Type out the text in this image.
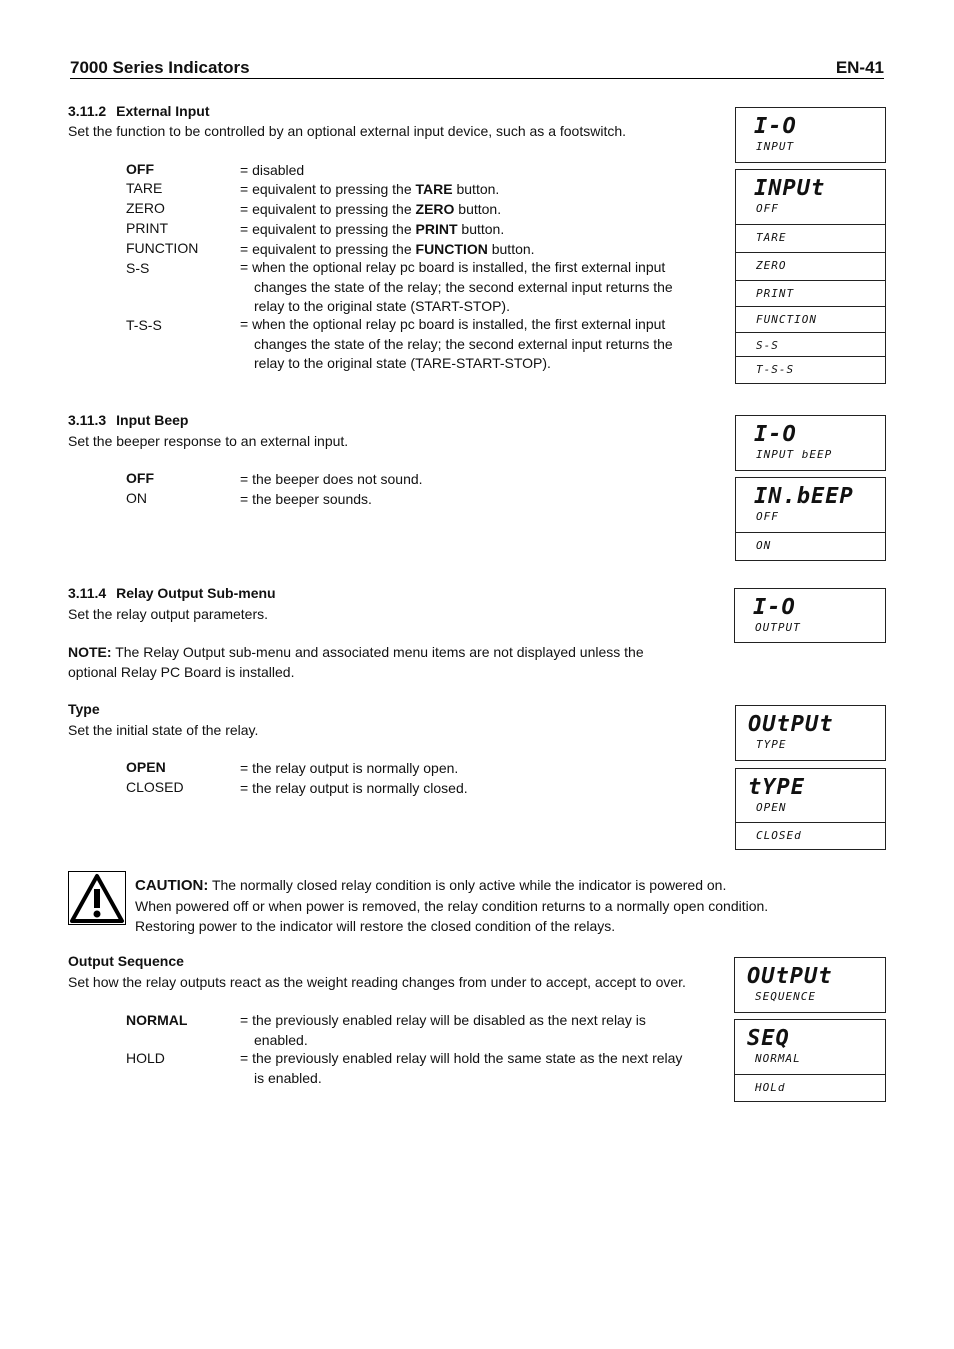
7000 Series Indicators	EN-41
3.11.2 External Input
Set the function to be controlled by an optional external input device, such as a footswitch.
OFF	= disabled
TARE	= equivalent to pressing the TARE button.
ZERO	= equivalent to pressing the ZERO button.
PRINT	= equivalent to pressing the PRINT button.
FUNCTION	= equivalent to pressing the FUNCTION button.
S-S	= when the optional relay pc board is installed, the first external input
changes the state of the relay; the second external input returns the relay to the original state (START-STOP).
T-S-S	= when the optional relay pc board is installed, the first external input
changes the state of the relay; the second external input returns the relay to the original state (TARE-START-STOP).
3.11.3 Input Beep
Set the beeper response to an external input.
OFF	= the beeper does not sound.
ON	= the beeper sounds.
3.11.4 Relay Output Sub-menu
Set the relay output parameters.
NOTE: The Relay Output sub-menu and associated menu items are not displayed unless the optional Relay PC Board is installed.
Type
Set the initial state of the relay.
OPEN	= the relay output is normally open.
CLOSED	= the relay output is normally closed.
CAUTION: The normally closed relay condition is only active while the indicator is powered on.
When powered off or when power is removed, the relay condition returns to a normally open condition.
Restoring power to the indicator will restore the closed condition of the relays.
Output Sequence
Set how the relay outputs react as the weight reading changes from under to accept, accept to over.
NORMAL	= the previously enabled relay will be disabled as the next relay is
enabled.
HOLD	= the previously enabled relay will hold the same state as the next relay
is enabled.
I-O
INPUT
INPUt
OFF
TARE
ZERO
PRINT
FUNCTION
S-S
T-S-S
I-O
INPUT bEEP
IN.bEEP
OFF
ON
I-O
OUTPUT
OUtPUt
TYPE
tYPE
OPEN
CLOSEd
OUtPUt
SEQUENCE
SEQ
NORMAL
HOLd
